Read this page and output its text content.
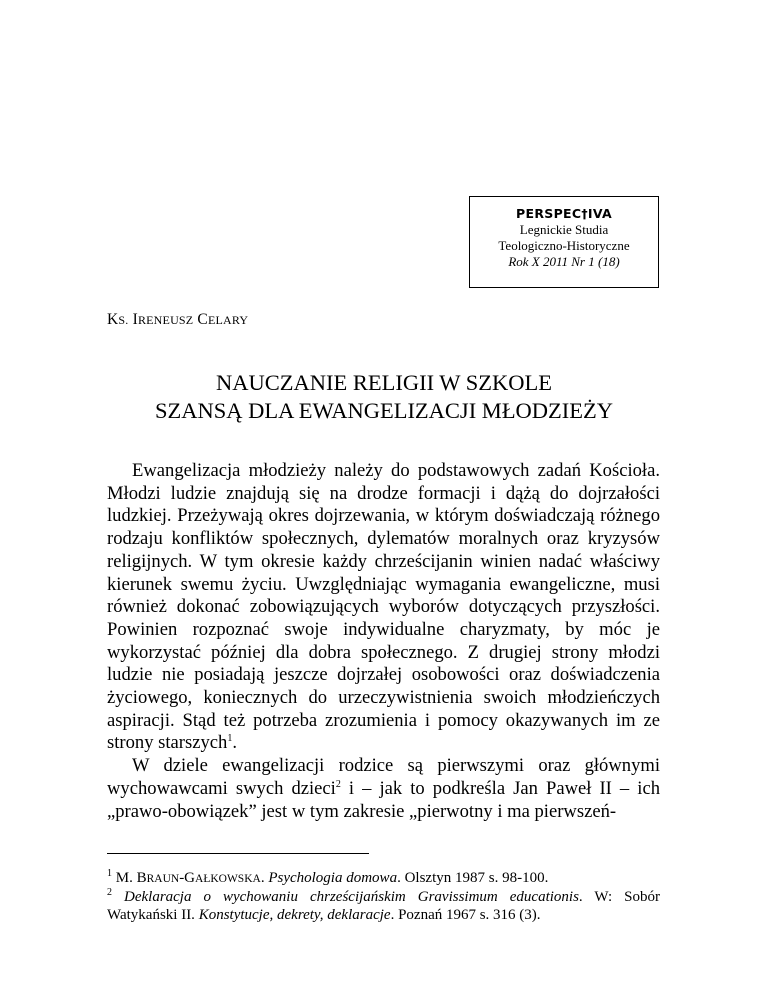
PERSPEC†IVA
Legnickie Studia
Teologiczno-Historyczne
Rok X 2011 Nr 1 (18)
KS. IRENEUSZ CELARY
NAUCZANIE RELIGII W SZKOLE
SZANSĄ DLA EWANGELIZACJI MŁODZIEŻY

Ewangelizacja młodzieży należy do podstawowych zadań Kościoła. Młodzi ludzie znajdują się na drodze formacji i dążą do dojrzałości ludzkiej. Przeżywają okres dojrzewania, w którym doświadczają różnego rodzaju konfliktów społecznych, dylematów moralnych oraz kryzysów religijnych. W tym okresie każdy chrześcijanin winien nadać właściwy kierunek swemu życiu. Uwzględniając wymagania ewangeliczne, musi również dokonać zobowiązujących wyborów dotyczących przyszłości. Powinien rozpoznać swoje indywidualne charyzmaty, by móc je wykorzystać później dla dobra społecznego. Z drugiej strony młodzi ludzie nie posiadają jeszcze dojrzałej osobowości oraz doświadczenia życiowego, koniecznych do urzeczywistnienia swoich młodzieńczych aspiracji. Stąd też potrzeba zrozumienia i pomocy okazywanych im ze strony starszych$^1$.

W dziele ewangelizacji rodzice są pierwszymi oraz głównymi wychowawcami swych dzieci$^2$ i – jak to podkreśla Jan Paweł II – ich „prawo-obowiązek” jest w tym zakresie „pierwotny i ma pierwszeń-

$^1$ M. BRAUN-GAŁKOWSKA. Psychologia domowa. Olsztyn 1987 s. 98-100.

$^2$ Deklaracja o wychowaniu chrześcijańskim Gravissimum educationis. W: Sobór Watykański II. Konstytucje, dekrety, deklaracje. Poznań 1967 s. 316 (3).
